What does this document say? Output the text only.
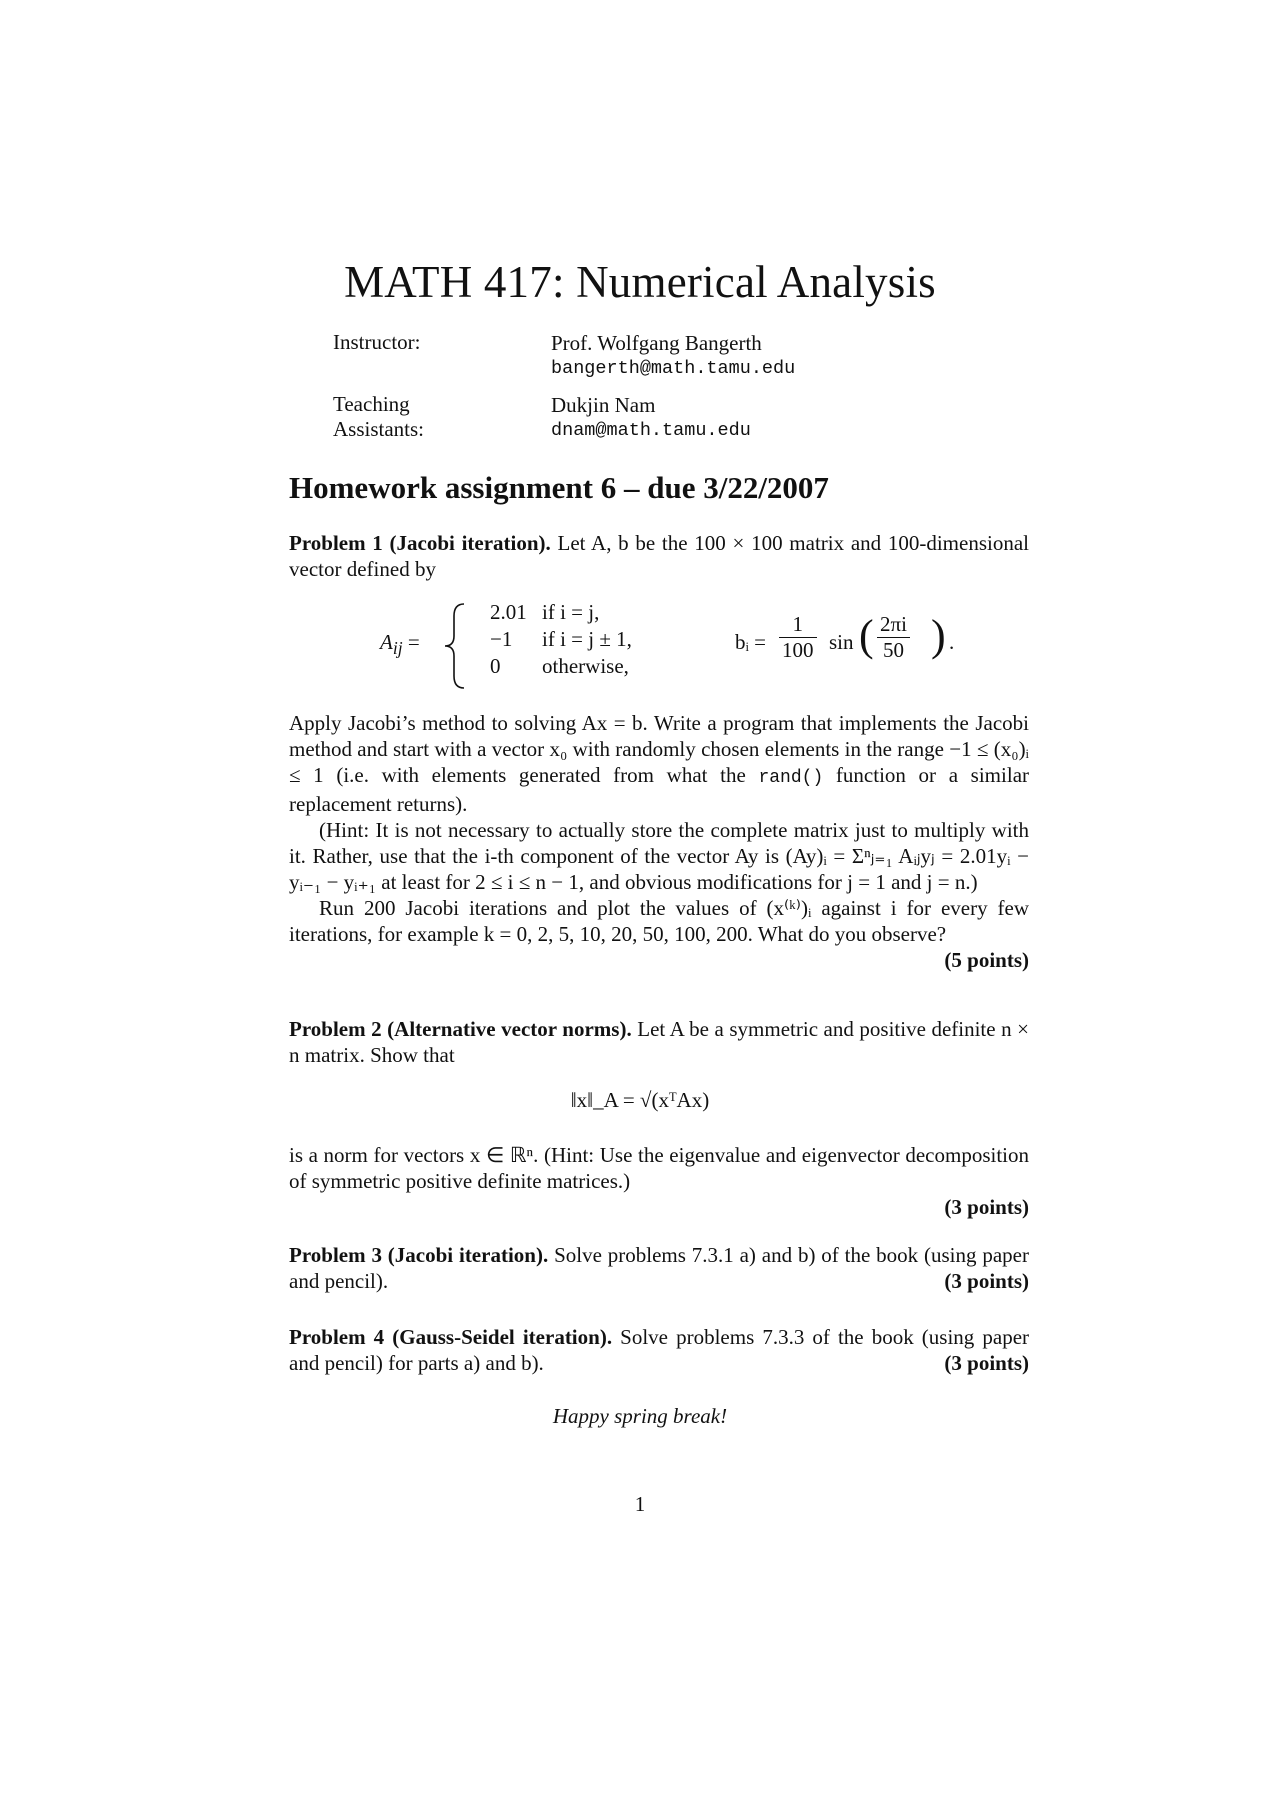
MATH 417: Numerical Analysis
Instructor:	Prof. Wolfgang Bangerth
bangerth@math.tamu.edu
Teaching Assistants:
Dukjin Nam
dnam@math.tamu.edu
Homework assignment 6 – due 3/22/2007
Problem 1 (Jacobi iteration). Let A, b be the 100 × 100 matrix and 100-dimensional vector defined by
$A_{ij}$ =
2.01 if i = j,
−1 if i = j ± 1,
0 otherwise,
bᵢ = $\frac{1}{100}$ sin ( $\frac{2\pi i}{50}$ ) .
Apply Jacobi’s method to solving Ax = b. Write a program that implements the Jacobi method and start with a vector x₀ with randomly chosen elements in the range −1 ≤ (x₀)ᵢ ≤ 1 (i.e. with elements generated from what the rand() function or a similar replacement returns).
(Hint: It is not necessary to actually store the complete matrix just to multiply with it. Rather, use that the i-th component of the vector Ay is (Ay)ᵢ = Σⁿⱼ₌₁ Aᵢⱼyⱼ = 2.01yᵢ − yᵢ₋₁ − yᵢ₊₁ at least for 2 ≤ i ≤ n − 1, and obvious modifications for j = 1 and j = n.)
Run 200 Jacobi iterations and plot the values of (x⁽ᵏ⁾)ᵢ against i for every few iterations, for example k = 0, 2, 5, 10, 20, 50, 100, 200. What do you observe?
(5 points)
Problem 2 (Alternative vector norms). Let A be a symmetric and positive definite n × n matrix. Show that
‖x‖_A = √(xᵀAx)
is a norm for vectors x ∈ ℝⁿ. (Hint: Use the eigenvalue and eigenvector decomposition of symmetric positive definite matrices.)
(3 points)
Problem 3 (Jacobi iteration). Solve problems 7.3.1 a) and b) of the book (using paper and pencil).	(3 points)
Problem 4 (Gauss-Seidel iteration). Solve problems 7.3.3 of the book (using paper and pencil) for parts a) and b).	(3 points)
Happy spring break!
1
